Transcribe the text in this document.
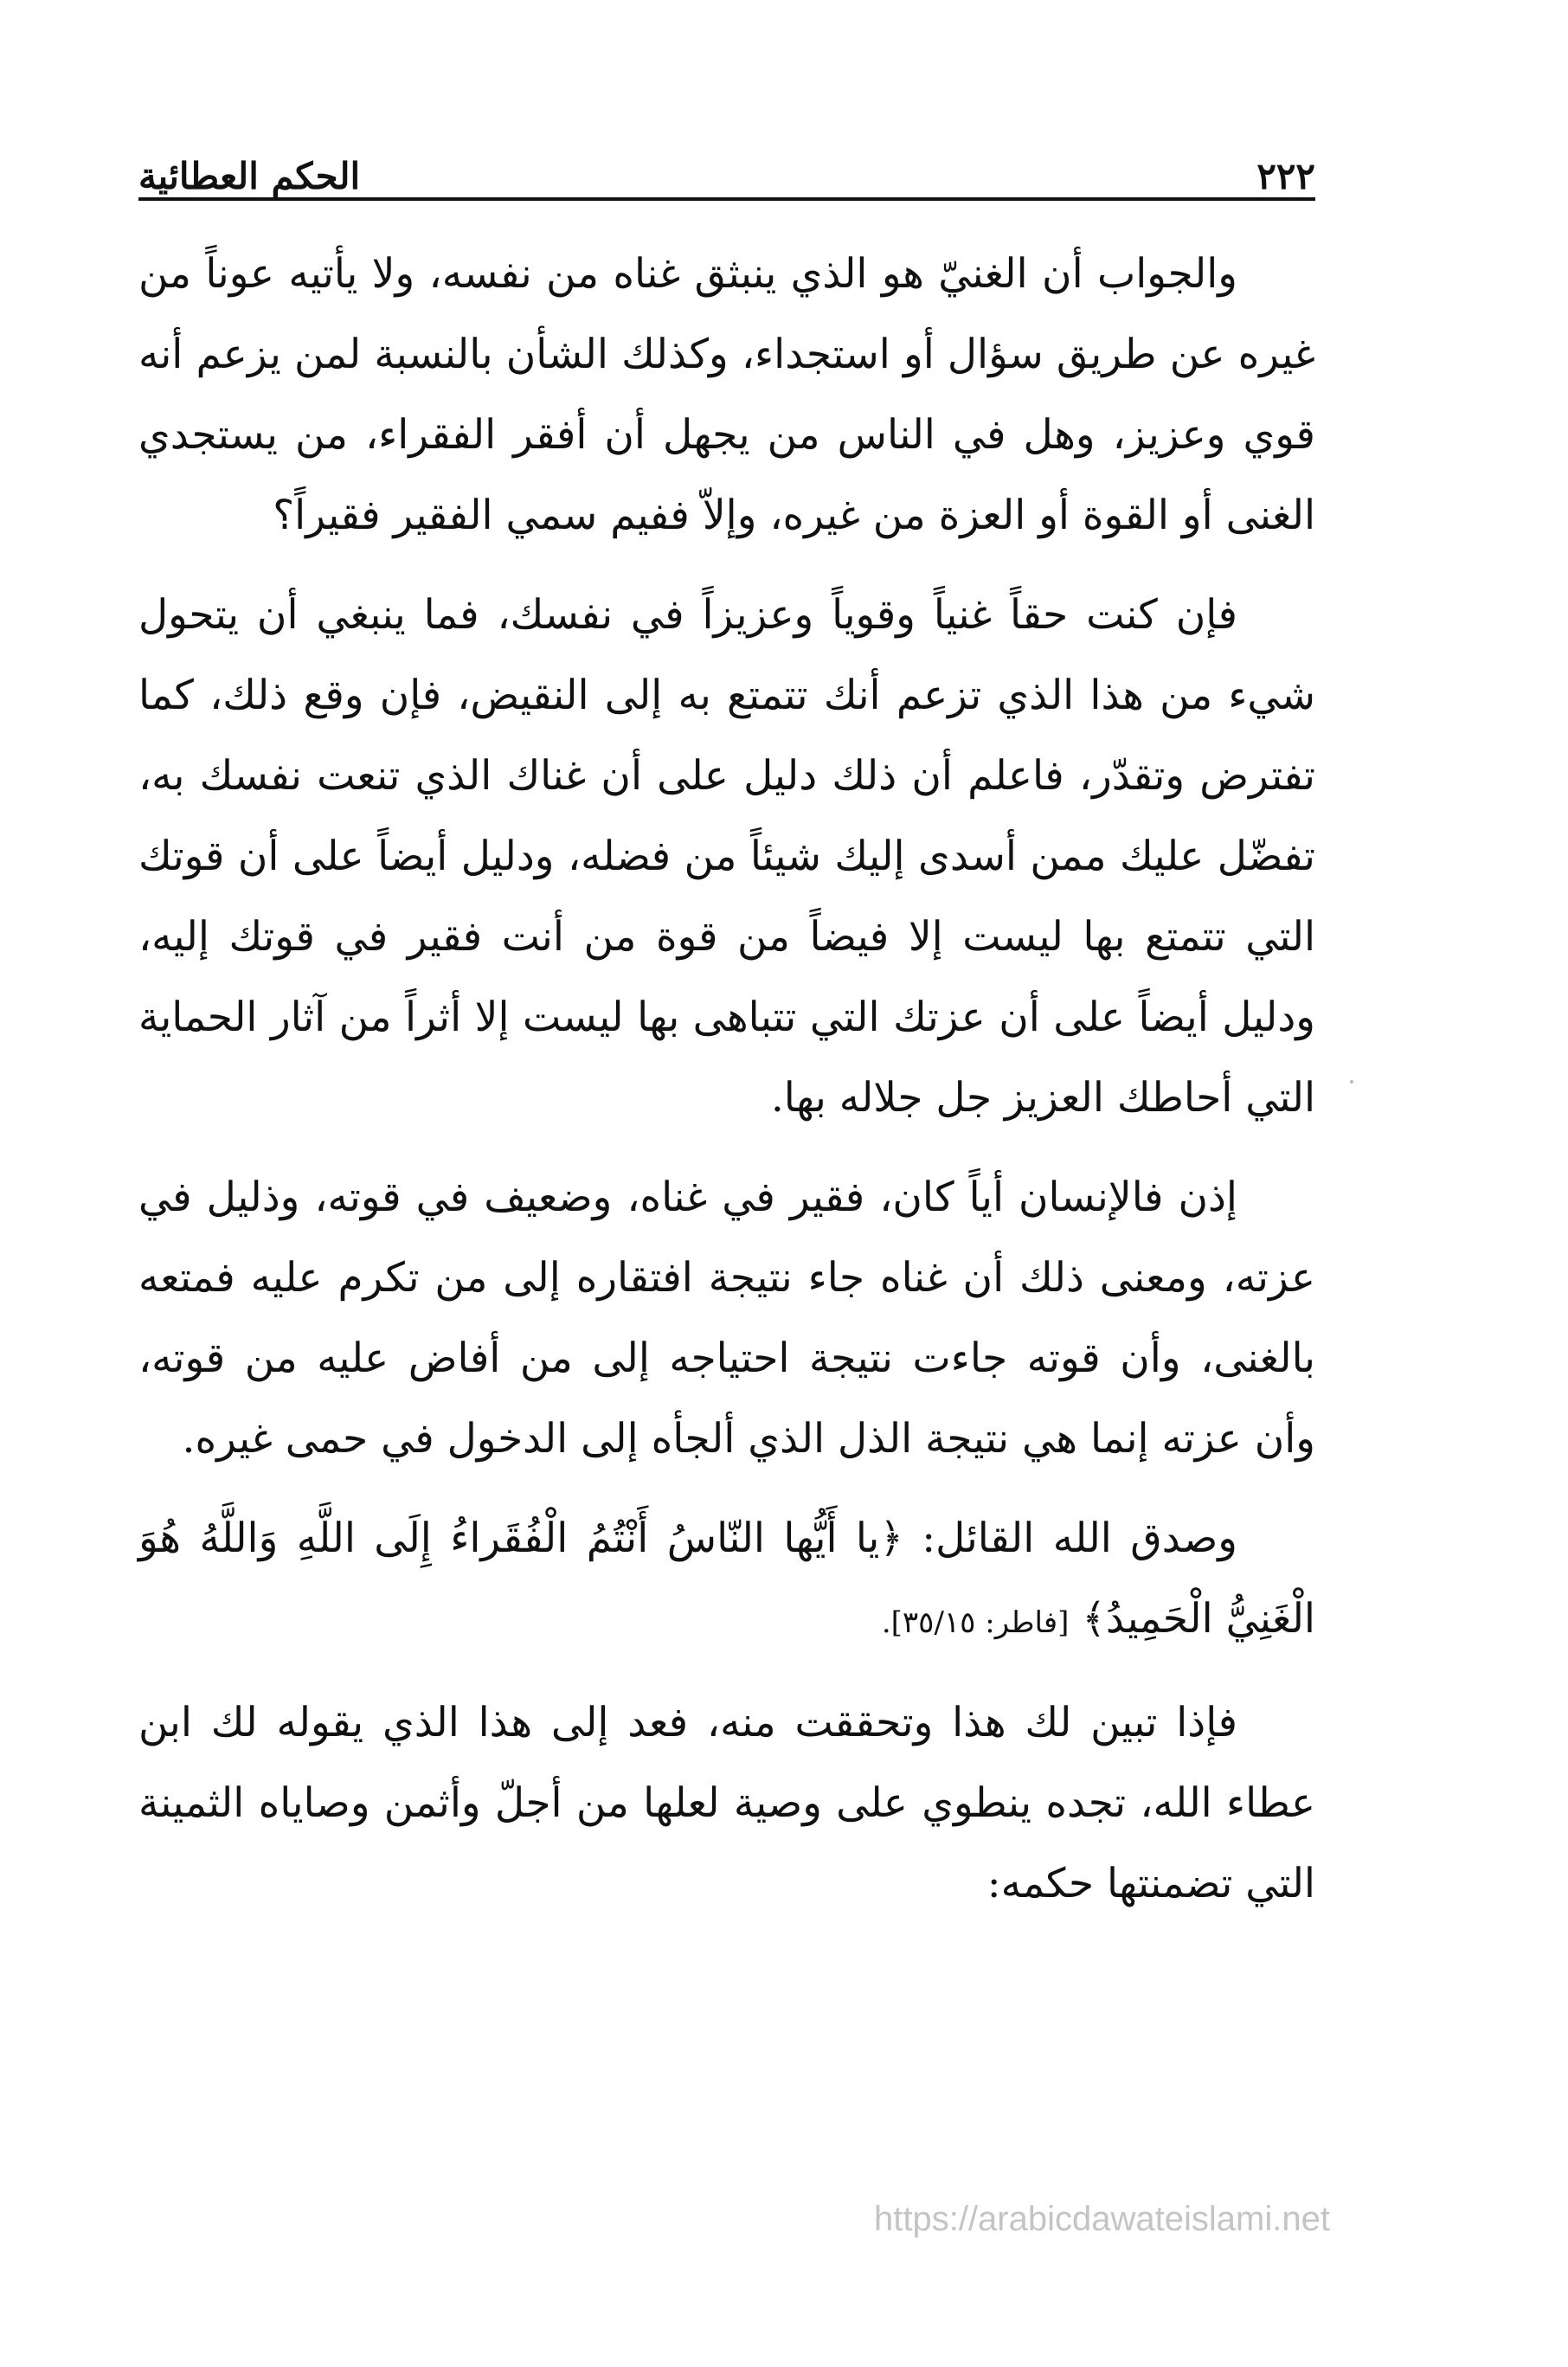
٢٢٢
الحكم العطائية

والجواب أن الغنيّ هو الذي ينبثق غناه من نفسه، ولا يأتيه عوناً من غيره عن طريق سؤال أو استجداء، وكذلك الشأن بالنسبة لمن يزعم أنه قوي وعزيز، وهل في الناس من يجهل أن أفقر الفقراء، من يستجدي الغنى أو القوة أو العزة من غيره، وإلاّ ففيم سمي الفقير فقيراً؟

فإن كنت حقاً غنياً وقوياً وعزيزاً في نفسك، فما ينبغي أن يتحول شيء من هذا الذي تزعم أنك تتمتع به إلى النقيض، فإن وقع ذلك، كما تفترض وتقدّر، فاعلم أن ذلك دليل على أن غناك الذي تنعت نفسك به، تفضّل عليك ممن أسدى إليك شيئاً من فضله، ودليل أيضاً على أن قوتك التي تتمتع بها ليست إلا فيضاً من قوة من أنت فقير في قوتك إليه، ودليل أيضاً على أن عزتك التي تتباهى بها ليست إلا أثراً من آثار الحماية التي أحاطك العزيز جل جلاله بها.

إذن فالإنسان أياً كان، فقير في غناه، وضعيف في قوته، وذليل في عزته، ومعنى ذلك أن غناه جاء نتيجة افتقاره إلى من تكرم عليه فمتعه بالغنى، وأن قوته جاءت نتيجة احتياجه إلى من أفاض عليه من قوته، وأن عزته إنما هي نتيجة الذل الذي ألجأه إلى الدخول في حمى غيره.

وصدق الله القائل: ﴿يا أَيُّها النّاسُ أَنْتُمُ الْفُقَراءُ إِلَى اللَّهِ وَاللَّهُ هُوَ الْغَنِيُّ الْحَمِيدُ﴾ [فاطر: ٣٥/١٥].

فإذا تبين لك هذا وتحققت منه، فعد إلى هذا الذي يقوله لك ابن عطاء الله، تجده ينطوي على وصية لعلها من أجلّ وأثمن وصاياه الثمينة التي تضمنتها حكمه:

https://arabicdawateislami.net
